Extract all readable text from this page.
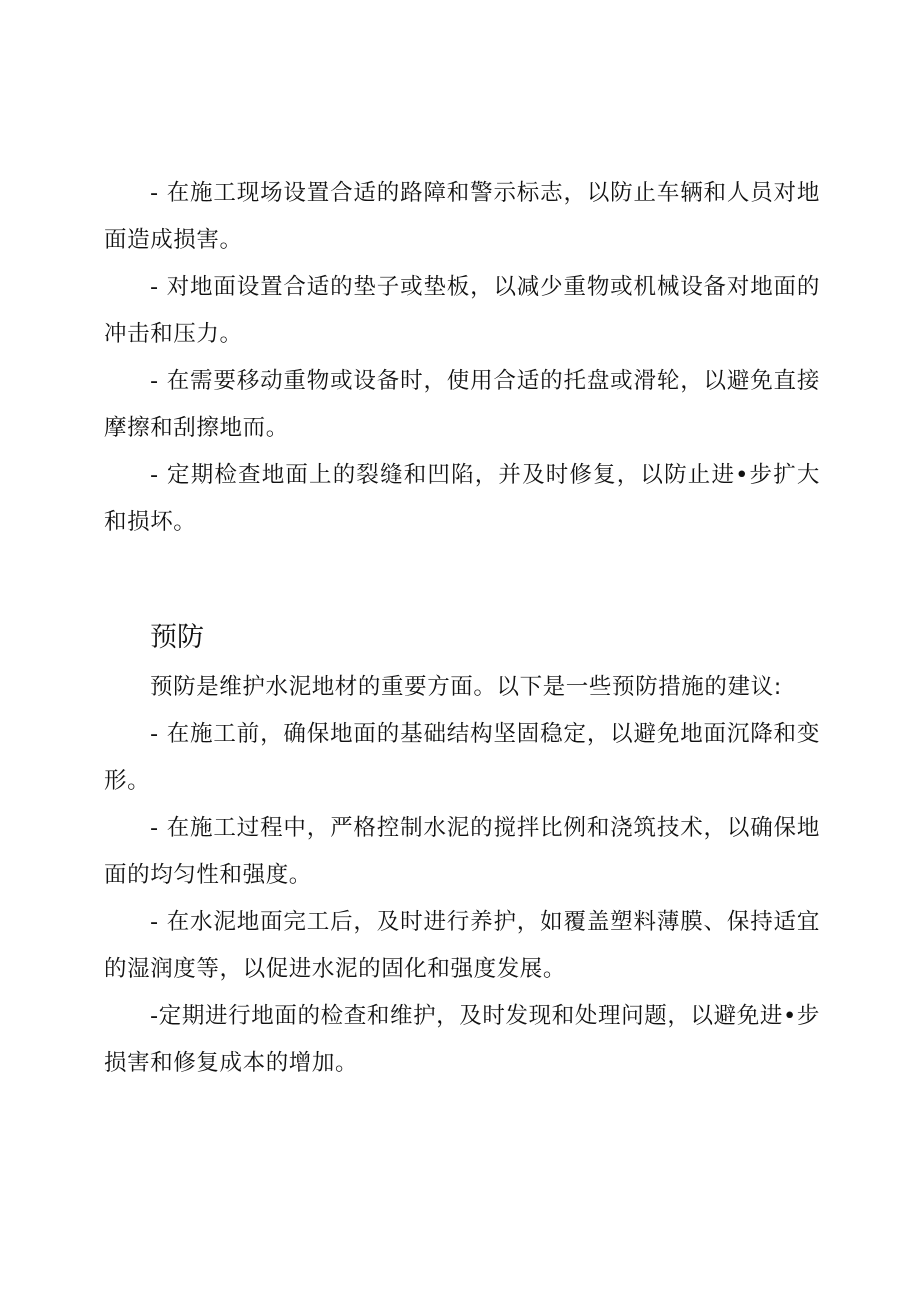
- 在施工现场设置合适的路障和警示标志，以防止车辆和人员对地面造成损害。

- 对地面设置合适的垫子或垫板，以减少重物或机械设备对地面的冲击和压力。

- 在需要移动重物或设备时，使用合适的托盘或滑轮，以避免直接摩擦和刮擦地而。

- 定期检查地面上的裂缝和凹陷，并及时修复，以防止进•步扩大和损坏。

预防

预防是维护水泥地材的重要方面。以下是一些预防措施的建议:

- 在施工前，确保地面的基础结构坚固稳定，以避免地面沉降和变形。

- 在施工过程中，严格控制水泥的搅拌比例和浇筑技术，以确保地面的均匀性和强度。

- 在水泥地面完工后，及时进行养护，如覆盖塑料薄膜、保持适宜的湿润度等，以促进水泥的固化和强度发展。

-定期进行地面的检查和维护，及时发现和处理问题，以避免进•步损害和修复成本的增加。
